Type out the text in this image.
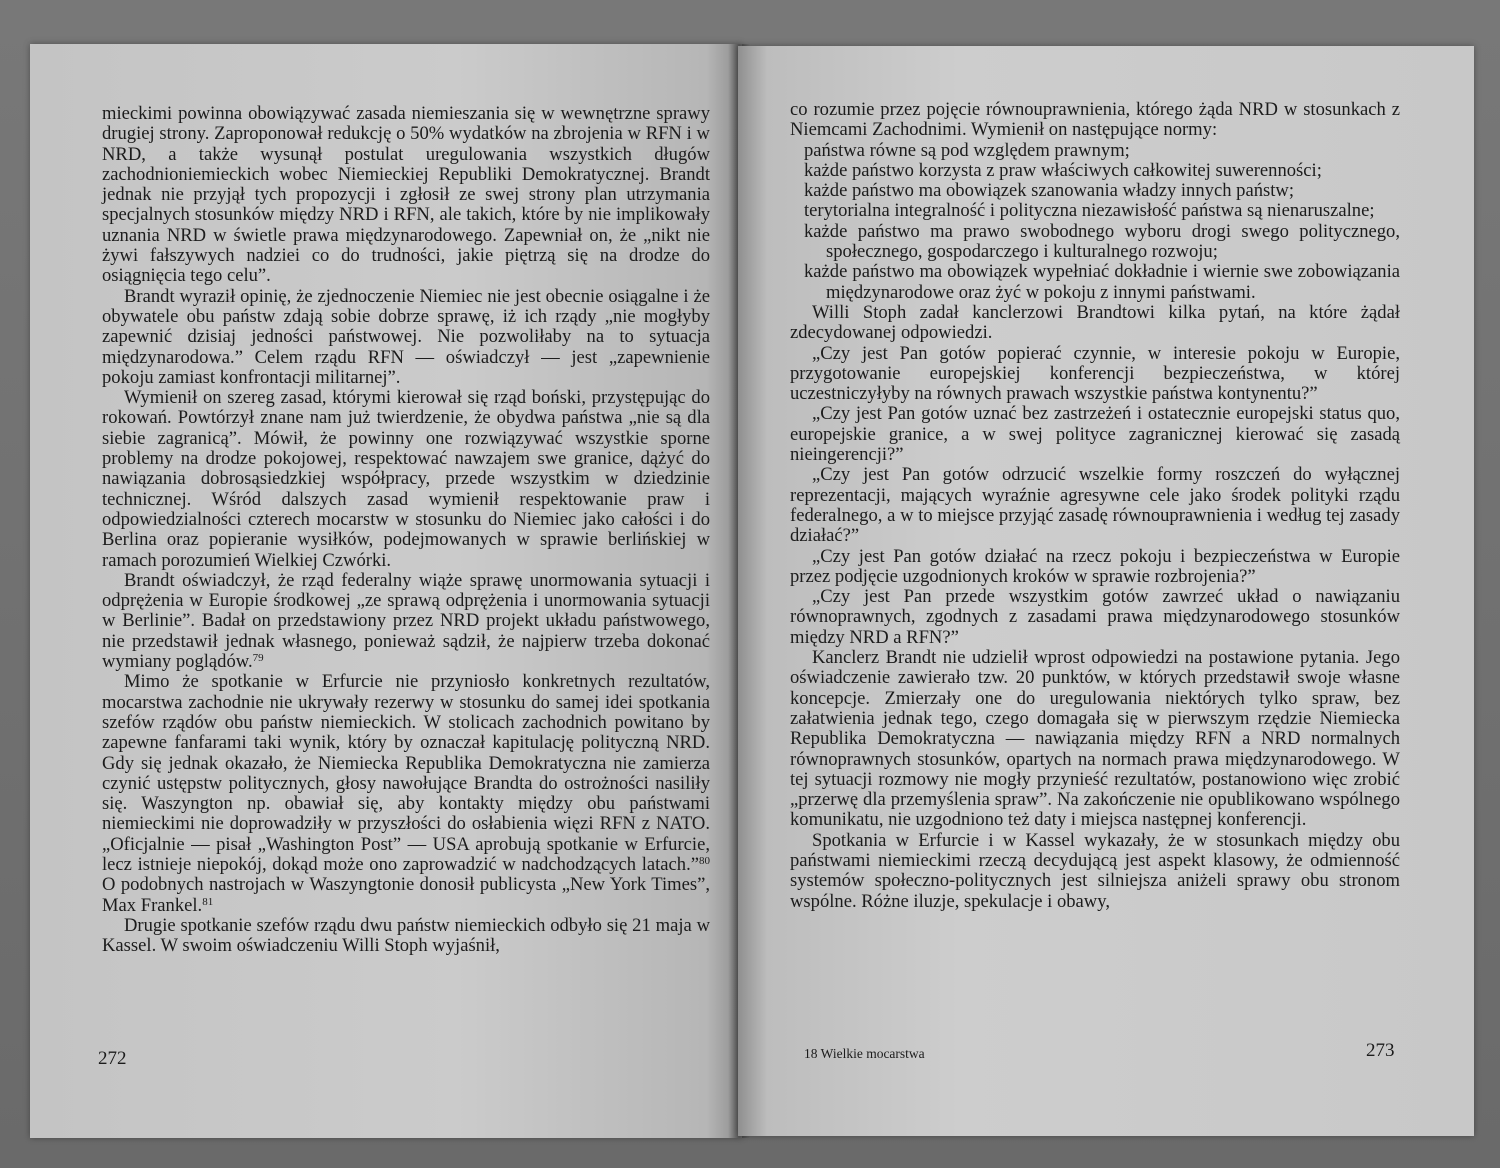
mieckimi powinna obowiązywać zasada niemieszania się w wewnętrzne sprawy drugiej strony. Zaproponował redukcję o 50% wydatków na zbrojenia w RFN i w NRD, a także wysunął postulat uregulowania wszystkich długów zachodnioniemieckich wobec Niemieckiej Republiki Demokratycznej. Brandt jednak nie przyjął tych propozycji i zgłosił ze swej strony plan utrzymania specjalnych stosunków między NRD i RFN, ale takich, które by nie implikowały uznania NRD w świetle prawa międzynarodowego. Zapewniał on, że „nikt nie żywi fałszywych nadziei co do trudności, jakie piętrzą się na drodze do osiągnięcia tego celu”.

Brandt wyraził opinię, że zjednoczenie Niemiec nie jest obecnie osiągalne i że obywatele obu państw zdają sobie dobrze sprawę, iż ich rządy „nie mogłyby zapewnić dzisiaj jedności państwowej. Nie pozwoliłaby na to sytuacja międzynarodowa.” Celem rządu RFN — oświadczył — jest „zapewnienie pokoju zamiast konfrontacji militarnej”.

Wymienił on szereg zasad, którymi kierował się rząd boński, przystępując do rokowań. Powtórzył znane nam już twierdzenie, że obydwa państwa „nie są dla siebie zagranicą”. Mówił, że powinny one rozwiązywać wszystkie sporne problemy na drodze pokojowej, respektować nawzajem swe granice, dążyć do nawiązania dobrosąsiedzkiej współpracy, przede wszystkim w dziedzinie technicznej. Wśród dalszych zasad wymienił respektowanie praw i odpowiedzialności czterech mocarstw w stosunku do Niemiec jako całości i do Berlina oraz popieranie wysiłków, podejmowanych w sprawie berlińskiej w ramach porozumień Wielkiej Czwórki.

Brandt oświadczył, że rząd federalny wiąże sprawę unormowania sytuacji i odprężenia w Europie środkowej „ze sprawą odprężenia i unormowania sytuacji w Berlinie”. Badał on przedstawiony przez NRD projekt układu państwowego, nie przedstawił jednak własnego, ponieważ sądził, że najpierw trzeba dokonać wymiany poglądów.$^{79}$

Mimo że spotkanie w Erfurcie nie przyniosło konkretnych rezultatów, mocarstwa zachodnie nie ukrywały rezerwy w stosunku do samej idei spotkania szefów rządów obu państw niemieckich. W stolicach zachodnich powitano by zapewne fanfarami taki wynik, który by oznaczał kapitulację polityczną NRD. Gdy się jednak okazało, że Niemiecka Republika Demokratyczna nie zamierza czynić ustępstw politycznych, głosy nawołujące Brandta do ostrożności nasiliły się. Waszyngton np. obawiał się, aby kontakty między obu państwami niemieckimi nie doprowadziły w przyszłości do osłabienia więzi RFN z NATO. „Oficjalnie — pisał „Washington Post” — USA aprobują spotkanie w Erfurcie, lecz istnieje niepokój, dokąd może ono zaprowadzić w nadchodzących latach.”$^{80}$ O podobnych nastrojach w Waszyngtonie donosił publicysta „New York Times”, Max Frankel.$^{81}$

Drugie spotkanie szefów rządu dwu państw niemieckich odbyło się 21 maja w Kassel. W swoim oświadczeniu Willi Stoph wyjaśnił,

272

co rozumie przez pojęcie równouprawnienia, którego żąda NRD w stosunkach z Niemcami Zachodnimi. Wymienił on następujące normy:

państwa równe są pod względem prawnym;

każde państwo korzysta z praw właściwych całkowitej suwerenności;

każde państwo ma obowiązek szanowania władzy innych państw;

terytorialna integralność i polityczna niezawisłość państwa są nienaruszalne;

każde państwo ma prawo swobodnego wyboru drogi swego politycznego, społecznego, gospodarczego i kulturalnego rozwoju;

każde państwo ma obowiązek wypełniać dokładnie i wiernie swe zobowiązania międzynarodowe oraz żyć w pokoju z innymi państwami.

Willi Stoph zadał kanclerzowi Brandtowi kilka pytań, na które żądał zdecydowanej odpowiedzi.

„Czy jest Pan gotów popierać czynnie, w interesie pokoju w Europie, przygotowanie europejskiej konferencji bezpieczeństwa, w której uczestniczyłyby na równych prawach wszystkie państwa kontynentu?”

„Czy jest Pan gotów uznać bez zastrzeżeń i ostatecznie europejski status quo, europejskie granice, a w swej polityce zagranicznej kierować się zasadą nieingerencji?”

„Czy jest Pan gotów odrzucić wszelkie formy roszczeń do wyłącznej reprezentacji, mających wyraźnie agresywne cele jako środek polityki rządu federalnego, a w to miejsce przyjąć zasadę równouprawnienia i według tej zasady działać?”

„Czy jest Pan gotów działać na rzecz pokoju i bezpieczeństwa w Europie przez podjęcie uzgodnionych kroków w sprawie rozbrojenia?”

„Czy jest Pan przede wszystkim gotów zawrzeć układ o nawiązaniu równoprawnych, zgodnych z zasadami prawa międzynarodowego stosunków między NRD a RFN?”

Kanclerz Brandt nie udzielił wprost odpowiedzi na postawione pytania. Jego oświadczenie zawierało tzw. 20 punktów, w których przedstawił swoje własne koncepcje. Zmierzały one do uregulowania niektórych tylko spraw, bez załatwienia jednak tego, czego domagała się w pierwszym rzędzie Niemiecka Republika Demokratyczna — nawiązania między RFN a NRD normalnych równoprawnych stosunków, opartych na normach prawa międzynarodowego. W tej sytuacji rozmowy nie mogły przynieść rezultatów, postanowiono więc zrobić „przerwę dla przemyślenia spraw”. Na zakończenie nie opublikowano wspólnego komunikatu, nie uzgodniono też daty i miejsca następnej konferencji.

Spotkania w Erfurcie i w Kassel wykazały, że w stosunkach między obu państwami niemieckimi rzeczą decydującą jest aspekt klasowy, że odmienność systemów społeczno-politycznych jest silniejsza aniżeli sprawy obu stronom wspólne. Różne iluzje, spekulacje i obawy,

18 Wielkie mocarstwa	273
